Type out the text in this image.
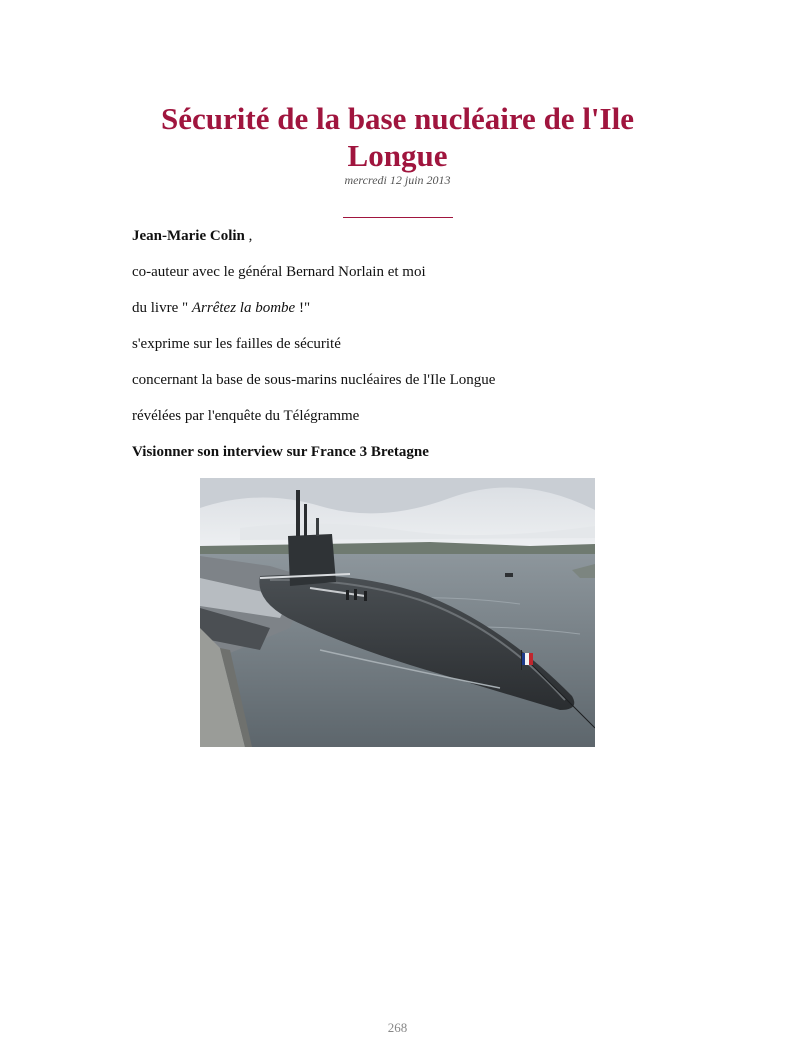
Sécurité de la base nucléaire de l'Ile Longue
mercredi 12 juin 2013
Jean-Marie Colin ,
co-auteur avec le général Bernard Norlain et moi
du livre " Arrêtez la bombe !"
s'exprime sur les failles de sécurité
concernant la base de sous-marins nucléaires de l'Ile Longue
révélées par l'enquête du Télégramme
Visionner son interview sur France 3 Bretagne
268
